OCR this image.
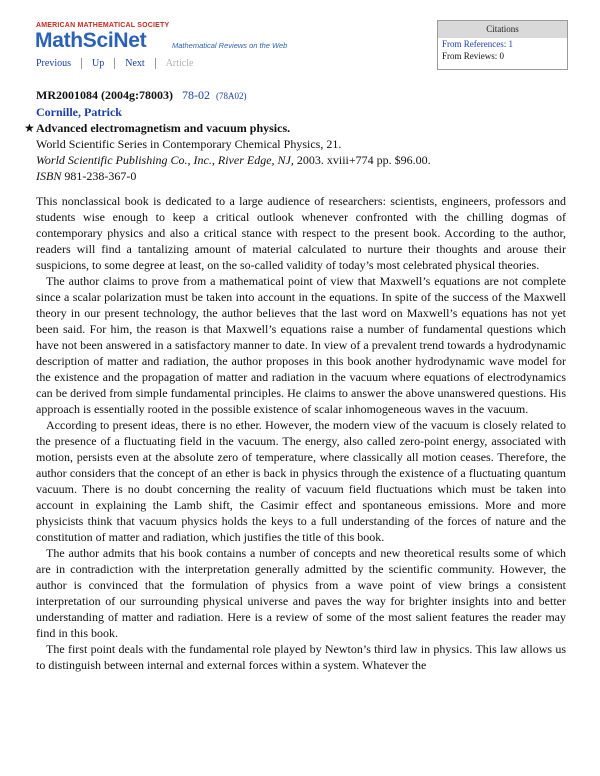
AMERICAN MATHEMATICAL SOCIETY
MathSciNet	Mathematical Reviews on the Web
Previous Up Next Article
Citations
From References: 1
From Reviews: 0
MR2001084 (2004g:78003) 78-02 (78A02)
Cornille, Patrick
★ Advanced electromagnetism and vacuum physics.
World Scientific Series in Contemporary Chemical Physics, 21.
World Scientific Publishing Co., Inc., River Edge, NJ, 2003. xviii+774 pp. $96.00.
ISBN 981-238-367-0

This nonclassical book is dedicated to a large audience of researchers: scientists, engineers, professors and students wise enough to keep a critical outlook whenever confronted with the chilling dogmas of contemporary physics and also a critical stance with respect to the present book. According to the author, readers will find a tantalizing amount of material calculated to nurture their thoughts and arouse their suspicions, to some degree at least, on the so-called validity of today’s most celebrated physical theories.

The author claims to prove from a mathematical point of view that Maxwell’s equations are not complete since a scalar polarization must be taken into account in the equations. In spite of the success of the Maxwell theory in our present technology, the author believes that the last word on Maxwell’s equations has not yet been said. For him, the reason is that Maxwell’s equations raise a number of fundamental questions which have not been answered in a satisfactory manner to date. In view of a prevalent trend towards a hydrodynamic description of matter and radiation, the author proposes in this book another hydrodynamic wave model for the existence and the propagation of matter and radiation in the vacuum where equations of electrodynamics can be derived from simple fundamental principles. He claims to answer the above unanswered questions. His approach is essentially rooted in the possible existence of scalar inhomogeneous waves in the vacuum.

According to present ideas, there is no ether. However, the modern view of the vacuum is closely related to the presence of a fluctuating field in the vacuum. The energy, also called zero-point energy, associated with motion, persists even at the absolute zero of temperature, where classically all motion ceases. Therefore, the author considers that the concept of an ether is back in physics through the existence of a fluctuating quantum vacuum. There is no doubt concerning the reality of vacuum field fluctuations which must be taken into account in explaining the Lamb shift, the Casimir effect and spontaneous emissions. More and more physicists think that vacuum physics holds the keys to a full understanding of the forces of nature and the constitution of matter and radiation, which justifies the title of this book.

The author admits that his book contains a number of concepts and new theoretical results some of which are in contradiction with the interpretation generally admitted by the scientific community. However, the author is convinced that the formulation of physics from a wave point of view brings a consistent interpretation of our surrounding physical universe and paves the way for brighter insights into and better understanding of matter and radiation. Here is a review of some of the most salient features the reader may find in this book.

The first point deals with the fundamental role played by Newton’s third law in physics. This law allows us to distinguish between internal and external forces within a system. Whatever the
